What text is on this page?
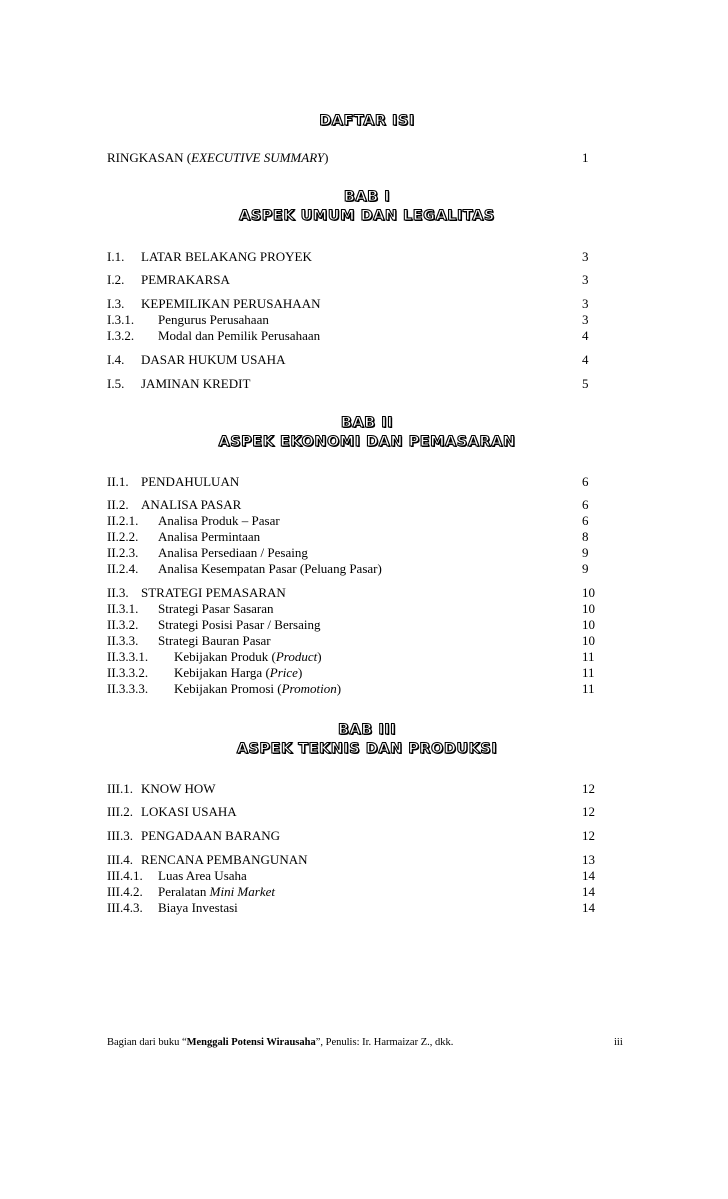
DAFTAR ISI
RINGKASAN (EXECUTIVE SUMMARY)	1
BAB I
ASPEK UMUM DAN LEGALITAS
I.1. LATAR BELAKANG PROYEK	3
I.2. PEMRAKARSA	3
I.3. KEPEMILIKAN PERUSAHAAN	3
I.3.1. Pengurus Perusahaan	3
I.3.2. Modal dan Pemilik Perusahaan	4
I.4. DASAR HUKUM USAHA	4
I.5. JAMINAN KREDIT	5
BAB II
ASPEK EKONOMI DAN PEMASARAN
II.1. PENDAHULUAN	6
II.2. ANALISA PASAR	6
II.2.1. Analisa Produk – Pasar	6
II.2.2. Analisa Permintaan	8
II.2.3. Analisa Persediaan / Pesaing	9
II.2.4. Analisa Kesempatan Pasar (Peluang Pasar)	9
II.3. STRATEGI PEMASARAN	10
II.3.1. Strategi Pasar Sasaran	10
II.3.2. Strategi Posisi Pasar / Bersaing	10
II.3.3. Strategi Bauran Pasar	10
II.3.3.1. Kebijakan Produk (Product)	11
II.3.3.2. Kebijakan Harga (Price)	11
II.3.3.3. Kebijakan Promosi (Promotion)	11
BAB III
ASPEK TEKNIS DAN PRODUKSI
III.1. KNOW HOW	12
III.2. LOKASI USAHA	12
III.3. PENGADAAN BARANG	12
III.4. RENCANA PEMBANGUNAN	13
III.4.1. Luas Area Usaha	14
III.4.2. Peralatan Mini Market	14
III.4.3. Biaya Investasi	14
Bagian dari buku “Menggali Potensi Wirausaha”, Penulis: Ir. Harmaizar Z., dkk.	iii
